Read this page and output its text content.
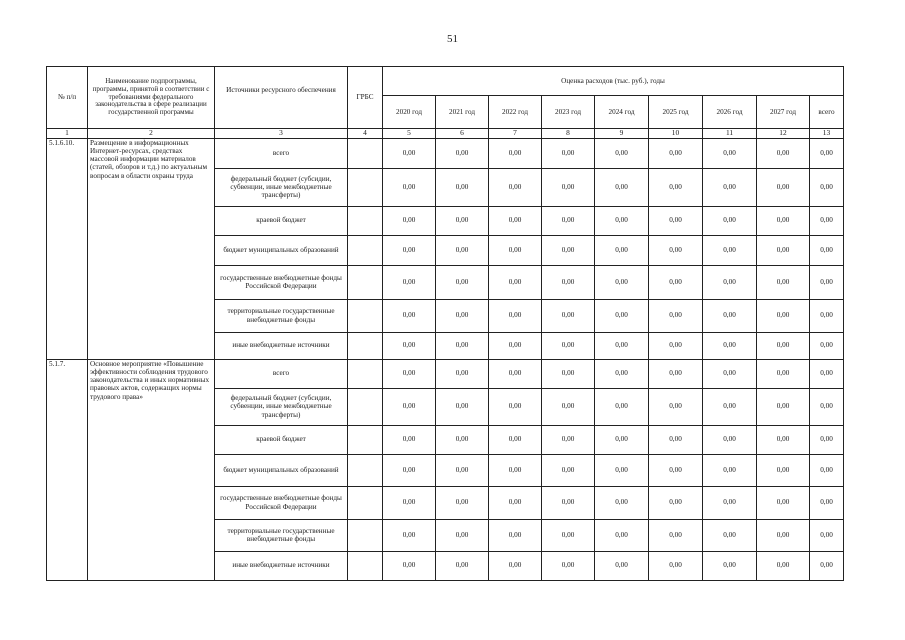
51
№ п/п	Наименование подпрограммы, программы, принятой в соответствии с требованиями федерального законодательства в сфере реализации государственной программы	Источники ресурсного обеспечения	ГРБС	Оценка расходов (тыс. руб.), годы								
				2020 год	2021 год	2022 год	2023 год	2024 год	2025 год	2026 год	2027 год	всего
1	2	3	4	5	6	7	8	9	10	11	12	13
5.1.6.10.	Размещение в информационных Интернет-ресурсах, средствах массовой информации материалов (статей, обзоров и т.д.) по актуальным вопросам в области охраны труда	всего		0,00	0,00	0,00	0,00	0,00	0,00	0,00	0,00	0,00
		федеральный бюджет (субсидии, субвенции, иные межбюджетные трансферты)		0,00	0,00	0,00	0,00	0,00	0,00	0,00	0,00	0,00
		краевой бюджет		0,00	0,00	0,00	0,00	0,00	0,00	0,00	0,00	0,00
		бюджет муниципальных образований		0,00	0,00	0,00	0,00	0,00	0,00	0,00	0,00	0,00
		государственные внебюджетные фонды Российской Федерации		0,00	0,00	0,00	0,00	0,00	0,00	0,00	0,00	0,00
		территориальные государственные внебюджетные фонды		0,00	0,00	0,00	0,00	0,00	0,00	0,00	0,00	0,00
		иные внебюджетные источники		0,00	0,00	0,00	0,00	0,00	0,00	0,00	0,00	0,00
5.1.7.	Основное мероприятие «Повышение эффективности соблюдения трудового законодательства и иных нормативных правовых актов, содержащих нормы трудового права»	всего		0,00	0,00	0,00	0,00	0,00	0,00	0,00	0,00	0,00
		федеральный бюджет (субсидии, субвенции, иные межбюджетные трансферты)		0,00	0,00	0,00	0,00	0,00	0,00	0,00	0,00	0,00
		краевой бюджет		0,00	0,00	0,00	0,00	0,00	0,00	0,00	0,00	0,00
		бюджет муниципальных образований		0,00	0,00	0,00	0,00	0,00	0,00	0,00	0,00	0,00
		государственные внебюджетные фонды Российской Федерации		0,00	0,00	0,00	0,00	0,00	0,00	0,00	0,00	0,00
		территориальные государственные внебюджетные фонды		0,00	0,00	0,00	0,00	0,00	0,00	0,00	0,00	0,00
		иные внебюджетные источники		0,00	0,00	0,00	0,00	0,00	0,00	0,00	0,00	0,00
